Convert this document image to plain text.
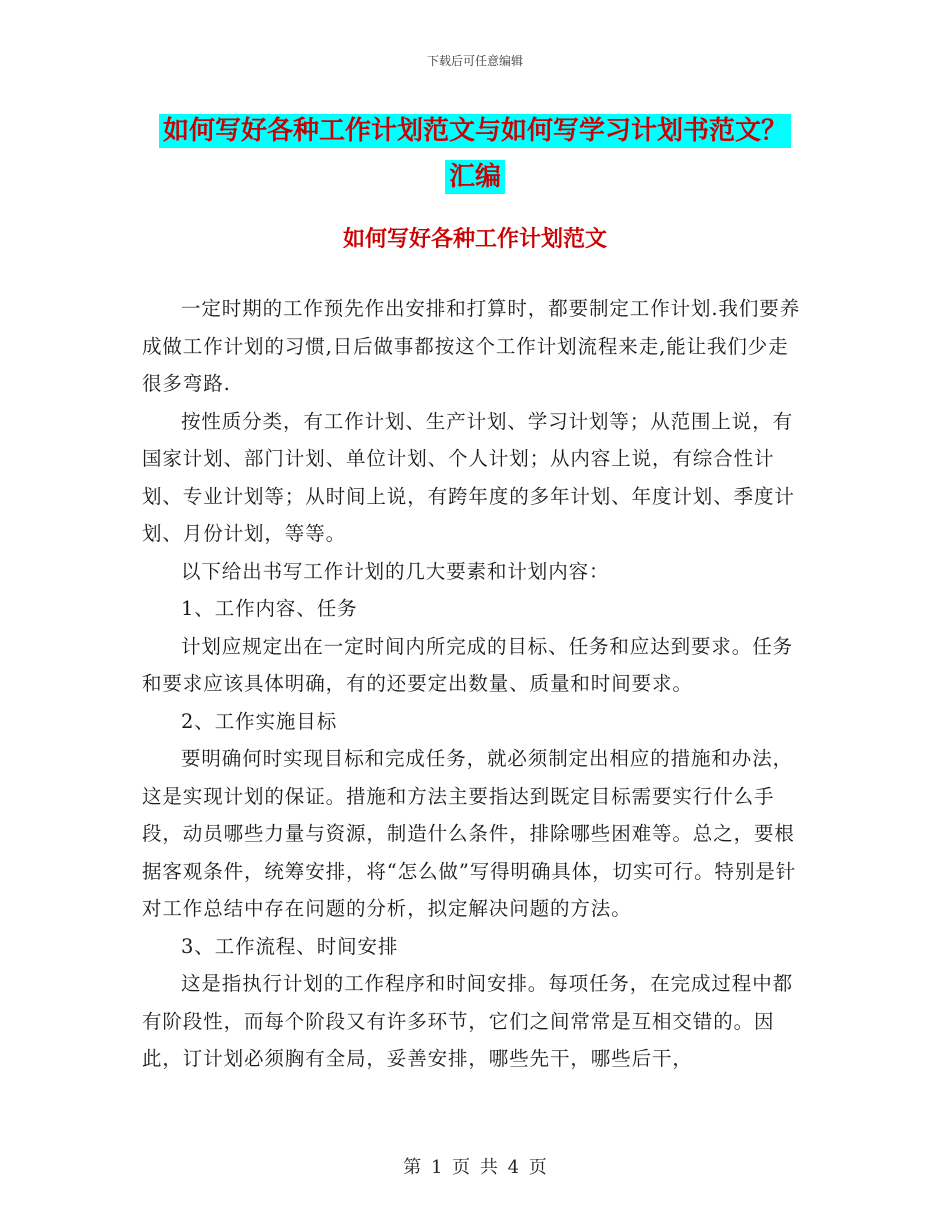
下载后可任意编辑
如何写好各种工作计划范文与如何写学习计划书范文？
汇编
如何写好各种工作计划范文

一定时期的工作预先作出安排和打算时，都要制定工作计划.我们要养成做工作计划的习惯,日后做事都按这个工作计划流程来走,能让我们少走很多弯路.

按性质分类，有工作计划、生产计划、学习计划等；从范围上说，有国家计划、部门计划、单位计划、个人计划；从内容上说，有综合性计划、专业计划等；从时间上说，有跨年度的多年计划、年度计划、季度计划、月份计划，等等。

以下给出书写工作计划的几大要素和计划内容：

1、工作内容、任务

计划应规定出在一定时间内所完成的目标、任务和应达到要求。任务和要求应该具体明确，有的还要定出数量、质量和时间要求。

2、工作实施目标

要明确何时实现目标和完成任务，就必须制定出相应的措施和办法，这是实现计划的保证。措施和方法主要指达到既定目标需要实行什么手段，动员哪些力量与资源，制造什么条件，排除哪些困难等。总之，要根据客观条件，统筹安排，将“怎么做”写得明确具体，切实可行。特别是针对工作总结中存在问题的分析，拟定解决问题的方法。

3、工作流程、时间安排

这是指执行计划的工作程序和时间安排。每项任务，在完成过程中都有阶段性，而每个阶段又有许多环节，它们之间常常是互相交错的。因此，订计划必须胸有全局，妥善安排，哪些先干，哪些后干，

第 1 页 共 4 页
